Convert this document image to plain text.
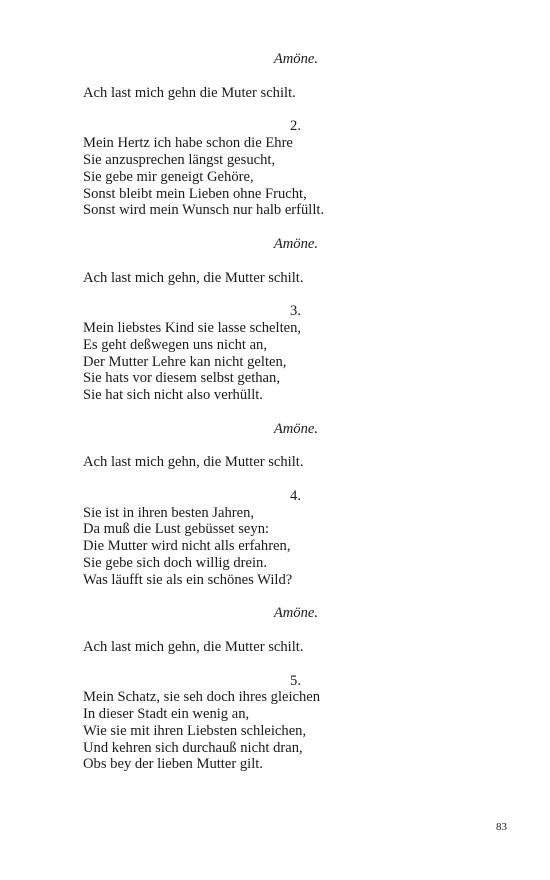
Amöne.
Ach last mich gehn die Muter schilt.
2.
Mein Hertz ich habe schon die Ehre
Sie anzusprechen längst gesucht,
Sie gebe mir geneigt Gehöre,
Sonst bleibt mein Lieben ohne Frucht,
Sonst wird mein Wunsch nur halb erfüllt.
Amöne.
Ach last mich gehn, die Mutter schilt.
3.
Mein liebstes Kind sie lasse schelten,
Es geht deßwegen uns nicht an,
Der Mutter Lehre kan nicht gelten,
Sie hats vor diesem selbst gethan,
Sie hat sich nicht also verhüllt.
Amöne.
Ach last mich gehn, die Mutter schilt.
4.
Sie ist in ihren besten Jahren,
Da muß die Lust gebüsset seyn:
Die Mutter wird nicht alls erfahren,
Sie gebe sich doch willig drein.
Was läufft sie als ein schönes Wild?
Amöne.
Ach last mich gehn, die Mutter schilt.
5.
Mein Schatz, sie seh doch ihres gleichen
In dieser Stadt ein wenig an,
Wie sie mit ihren Liebsten schleichen,
Und kehren sich durchauß nicht dran,
Obs bey der lieben Mutter gilt.
83
